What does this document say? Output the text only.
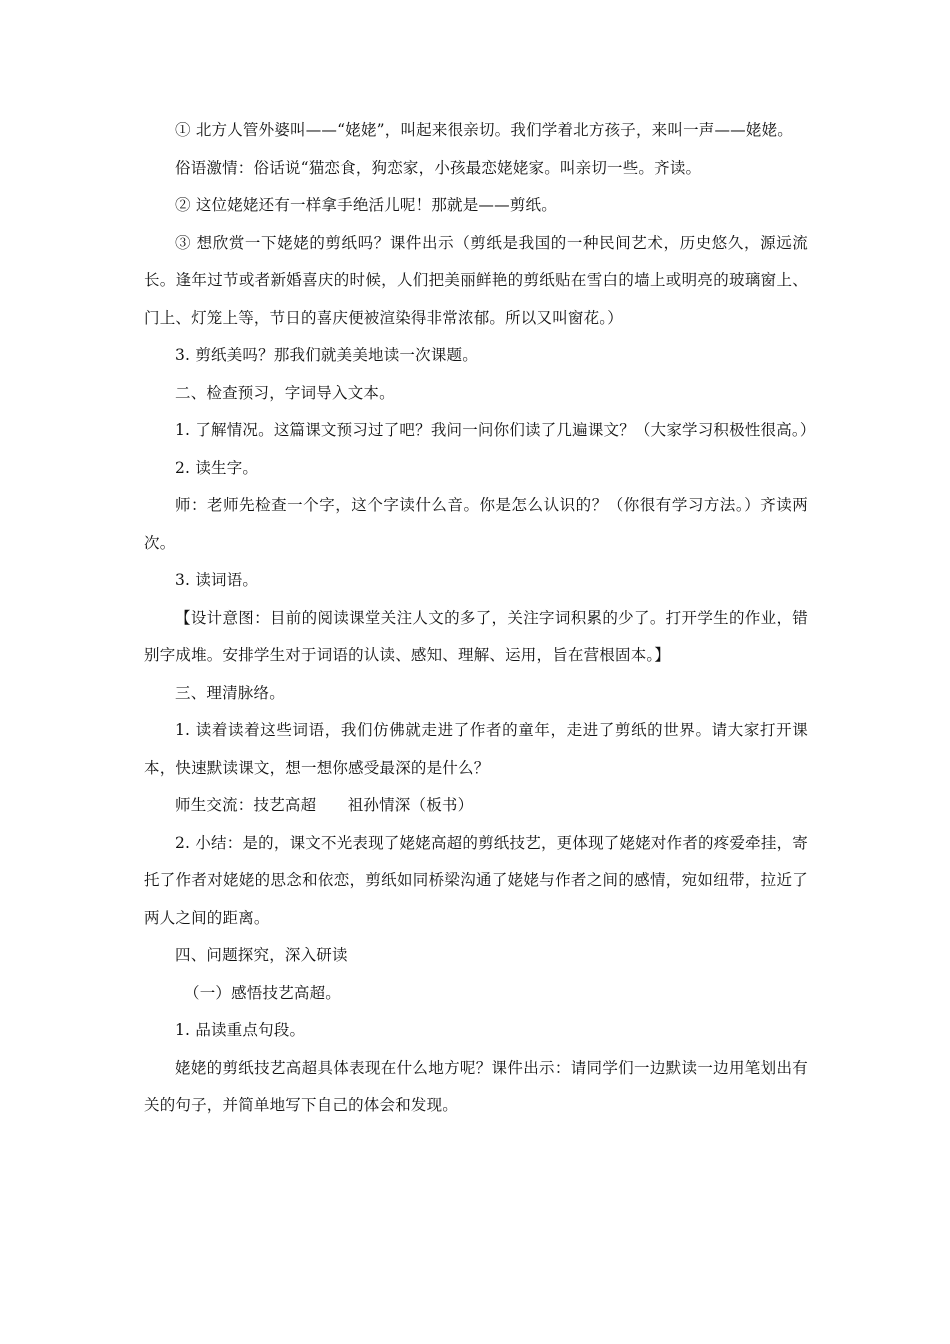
① 北方人管外婆叫——“姥姥”，叫起来很亲切。我们学着北方孩子，来叫一声——姥姥。

俗语激情：俗话说“猫恋食，狗恋家，小孩最恋姥姥家。叫亲切一些。齐读。

② 这位姥姥还有一样拿手绝活儿呢！那就是——剪纸。

③ 想欣赏一下姥姥的剪纸吗？课件出示（剪纸是我国的一种民间艺术，历史悠久，源远流长。逢年过节或者新婚喜庆的时候，人们把美丽鲜艳的剪纸贴在雪白的墙上或明亮的玻璃窗上、门上、灯笼上等，节日的喜庆便被渲染得非常浓郁。所以又叫窗花。）

3. 剪纸美吗？那我们就美美地读一次课题。

二、检查预习，字词导入文本。

1. 了解情况。这篇课文预习过了吧？我问一问你们读了几遍课文？（大家学习积极性很高。）

2. 读生字。

师：老师先检查一个字，这个字读什么音。你是怎么认识的？（你很有学习方法。）齐读两次。

3. 读词语。

【设计意图：目前的阅读课堂关注人文的多了，关注字词积累的少了。打开学生的作业，错别字成堆。安排学生对于词语的认读、感知、理解、运用，旨在营根固本。】

三、理清脉络。

1. 读着读着这些词语，我们仿佛就走进了作者的童年，走进了剪纸的世界。请大家打开课本，快速默读课文，想一想你感受最深的是什么？

师生交流：技艺高超　　祖孙情深（板书）

2. 小结：是的，课文不光表现了姥姥高超的剪纸技艺，更体现了姥姥对作者的疼爱牵挂，寄托了作者对姥姥的思念和依恋，剪纸如同桥梁沟通了姥姥与作者之间的感情，宛如纽带，拉近了两人之间的距离。

四、问题探究，深入研读

（一）感悟技艺高超。

1. 品读重点句段。

姥姥的剪纸技艺高超具体表现在什么地方呢？课件出示：请同学们一边默读一边用笔划出有关的句子，并简单地写下自己的体会和发现。
